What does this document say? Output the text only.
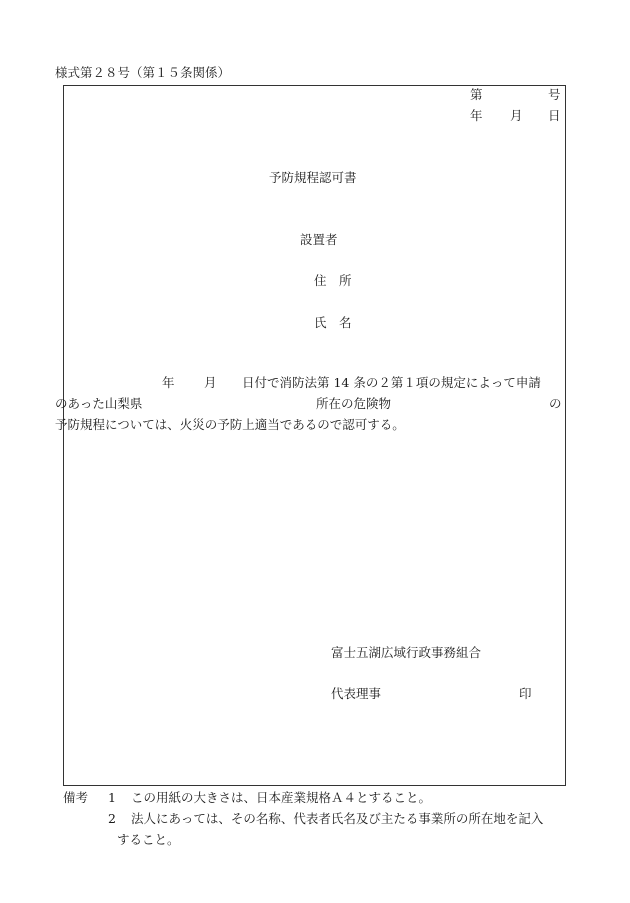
様式第２８号（第１５条関係）
第	号
年 月 日
予防規程認可書
設置者
住　所
氏　名
年 月 日付で消防法第 14 条の２第１項の規定によって申請
のあった山梨県	所在の危険物	の
予防規程については、火災の予防上適当であるので認可する。
富士五湖広域行政事務組合
代表理事	印
備考 1 この用紙の大きさは、日本産業規格Ａ４とすること。
2 法人にあっては、その名称、代表者氏名及び主たる事業所の所在地を記入
すること。
